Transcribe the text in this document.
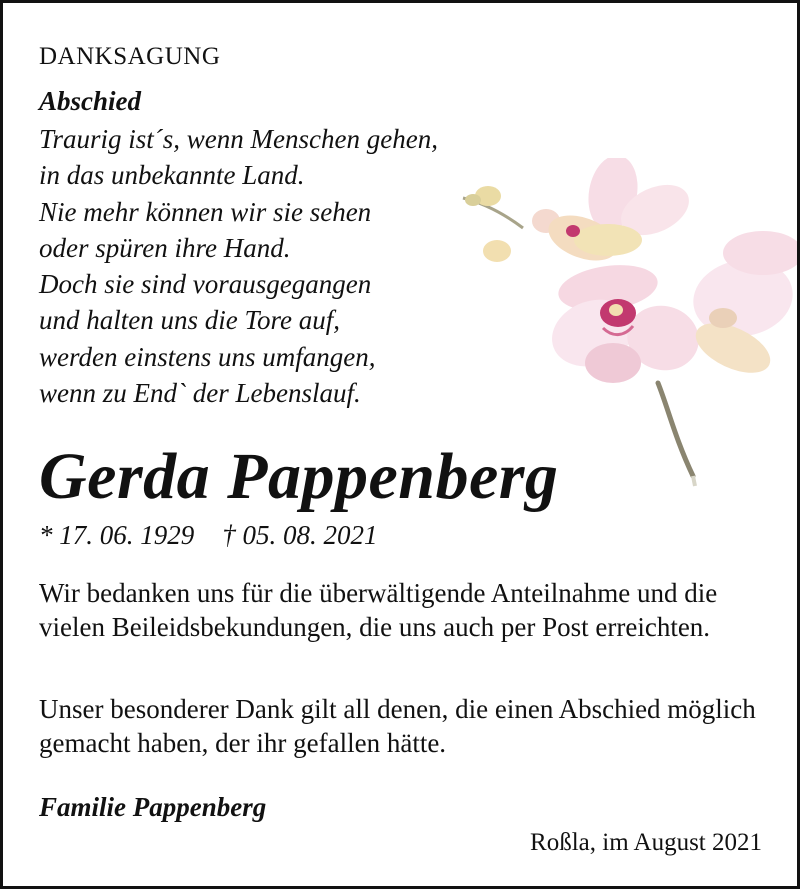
DANKSAGUNG
Abschied
Traurig ist´s, wenn Menschen gehen,
in das unbekannte Land.
Nie mehr können wir sie sehen
oder spüren ihre Hand.
Doch sie sind vorausgegangen
und halten uns die Tore auf,
werden einstens uns umfangen,
wenn zu End` der Lebenslauf.
Gerda Pappenberg
* 17. 06. 1929 † 05. 08. 2021
Wir bedanken uns für die überwältigende Anteilnahme und die vielen Beileidsbekundungen, die uns auch per Post erreichten.
Unser besonderer Dank gilt all denen, die einen Abschied möglich gemacht haben, der ihr gefallen hätte.
Familie Pappenberg
Roßla, im August 2021
